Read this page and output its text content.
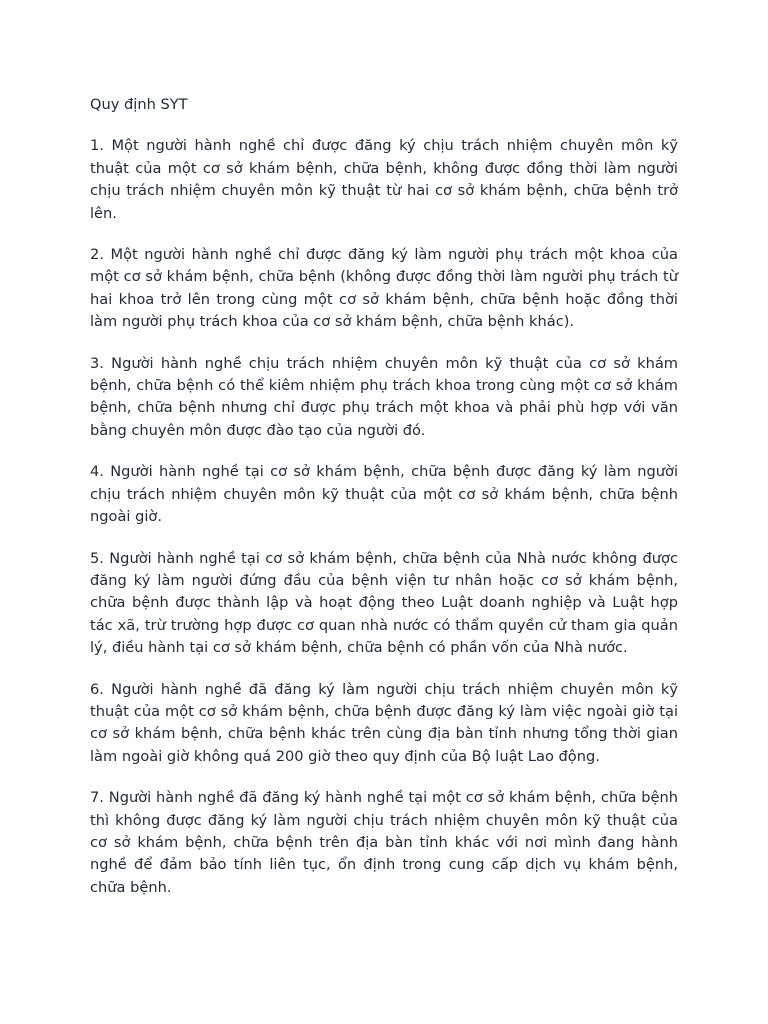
Quy định SYT

1. Một người hành nghề chỉ được đăng ký chịu trách nhiệm chuyên môn kỹ thuật của một cơ sở khám bệnh, chữa bệnh, không được đồng thời làm người chịu trách nhiệm chuyên môn kỹ thuật từ hai cơ sở khám bệnh, chữa bệnh trở lên.

2. Một người hành nghề chỉ được đăng ký làm người phụ trách một khoa của một cơ sở khám bệnh, chữa bệnh (không được đồng thời làm người phụ trách từ hai khoa trở lên trong cùng một cơ sở khám bệnh, chữa bệnh hoặc đồng thời làm người phụ trách khoa của cơ sở khám bệnh, chữa bệnh khác).

3. Người hành nghề chịu trách nhiệm chuyên môn kỹ thuật của cơ sở khám bệnh, chữa bệnh có thể kiêm nhiệm phụ trách khoa trong cùng một cơ sở khám bệnh, chữa bệnh nhưng chỉ được phụ trách một khoa và phải phù hợp với văn bằng chuyên môn được đào tạo của người đó.

4. Người hành nghề tại cơ sở khám bệnh, chữa bệnh được đăng ký làm người chịu trách nhiệm chuyên môn kỹ thuật của một cơ sở khám bệnh, chữa bệnh ngoài giờ.

5. Người hành nghề tại cơ sở khám bệnh, chữa bệnh của Nhà nước không được đăng ký làm người đứng đầu của bệnh viện tư nhân hoặc cơ sở khám bệnh, chữa bệnh được thành lập và hoạt động theo Luật doanh nghiệp và Luật hợp tác xã, trừ trường hợp được cơ quan nhà nước có thẩm quyền cử tham gia quản lý, điều hành tại cơ sở khám bệnh, chữa bệnh có phần vốn của Nhà nước.

6. Người hành nghề đã đăng ký làm người chịu trách nhiệm chuyên môn kỹ thuật của một cơ sở khám bệnh, chữa bệnh được đăng ký làm việc ngoài giờ tại cơ sở khám bệnh, chữa bệnh khác trên cùng địa bàn tỉnh nhưng tổng thời gian làm ngoài giờ không quá 200 giờ theo quy định của Bộ luật Lao động.

7. Người hành nghề đã đăng ký hành nghề tại một cơ sở khám bệnh, chữa bệnh thì không được đăng ký làm người chịu trách nhiệm chuyên môn kỹ thuật của cơ sở khám bệnh, chữa bệnh trên địa bàn tỉnh khác với nơi mình đang hành nghề để đảm bảo tính liên tục, ổn định trong cung cấp dịch vụ khám bệnh, chữa bệnh.
